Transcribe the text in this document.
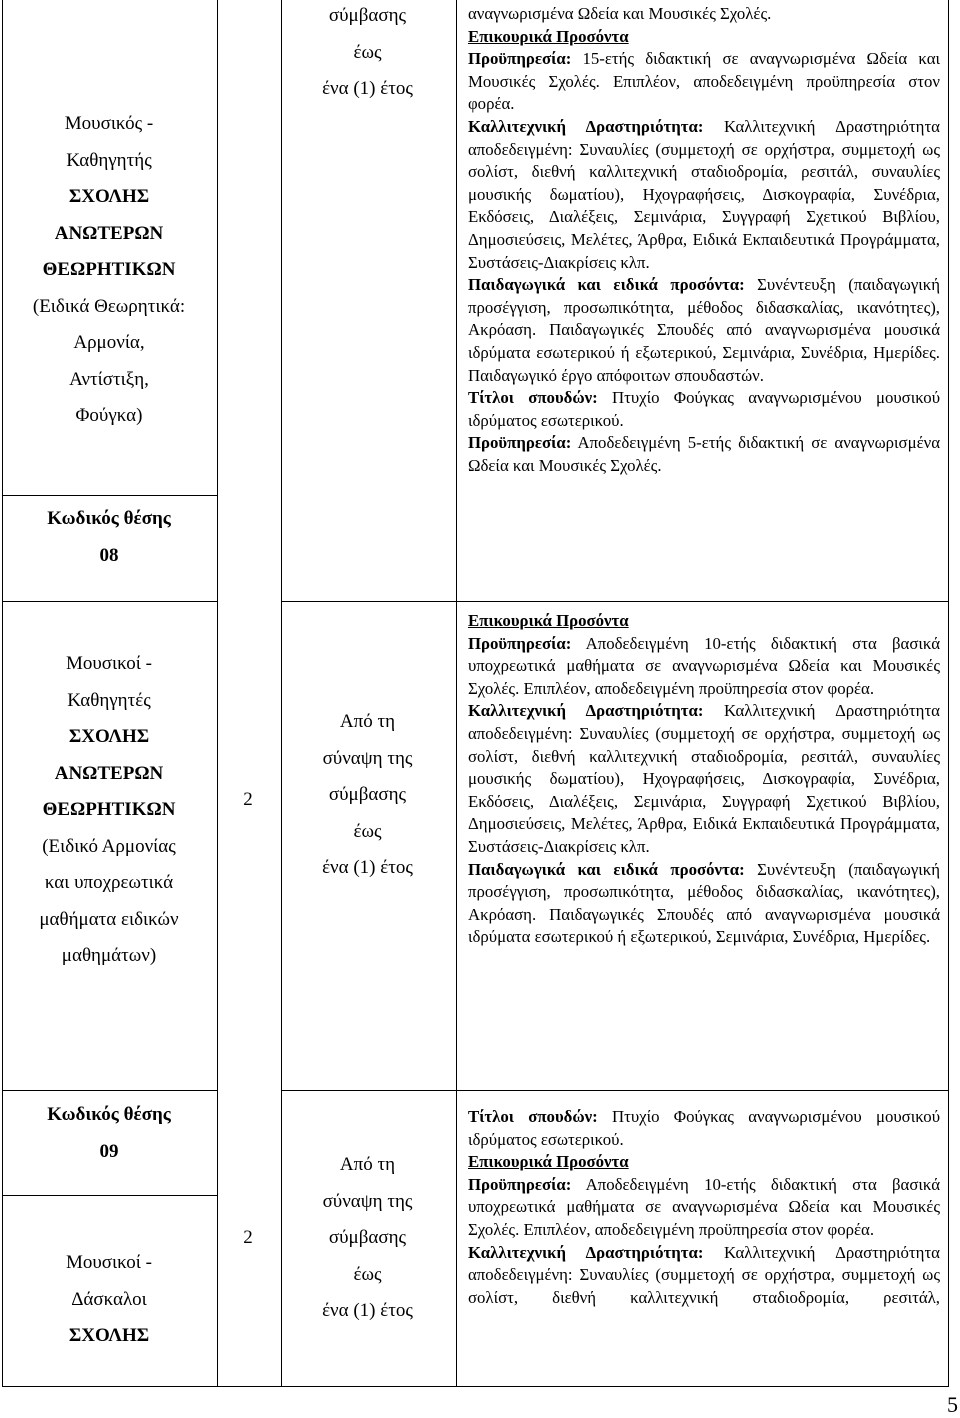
Μουσικός -
Καθηγητής
ΣΧΟΛΗΣ
ΑΝΩΤΕΡΩΝ
ΘΕΩΡΗΤΙΚΩΝ
(Ειδικά Θεωρητικά:
Αρμονία,
Αντίστιξη,
Φούγκα)
σύμβασης
έως
ένα (1) έτος
Κωδικός θέσης
08
Μουσικοί -
Καθηγητές
ΣΧΟΛΗΣ
ΑΝΩΤΕΡΩΝ
ΘΕΩΡΗΤΙΚΩΝ
(Ειδικό Αρμονίας
και υποχρεωτικά
μαθήματα ειδικών
μαθημάτων)
2
Από τη
σύναψη της
σύμβασης
έως
ένα (1) έτος
Κωδικός θέσης
09
Μουσικοί -
Δάσκαλοι
ΣΧΟΛΗΣ
2
Από τη
σύναψη της
σύμβασης
έως
ένα (1) έτος

αναγνωρισμένα Ωδεία και Μουσικές Σχολές.

Επικουρικά Προσόντα

Προϋπηρεσία: 15-ετής διδακτική σε αναγνωρισμένα Ωδεία και Μουσικές Σχολές. Επιπλέον, αποδεδειγμένη προϋπηρεσία στον φορέα.

Καλλιτεχνική Δραστηριότητα: Καλλιτεχνική Δραστηριότητα αποδεδειγμένη: Συναυλίες (συμμετοχή σε ορχήστρα, συμμετοχή ως σολίστ, διεθνή καλλιτεχνική σταδιοδρομία, ρεσιτάλ, συναυλίες μουσικής δωματίου), Ηχογραφήσεις, Δισκογραφία, Συνέδρια, Εκδόσεις, Διαλέξεις, Σεμινάρια, Συγγραφή Σχετικού Βιβλίου, Δημοσιεύσεις, Μελέτες, Άρθρα, Ειδικά Εκπαιδευτικά Προγράμματα, Συστάσεις-Διακρίσεις κλπ.

Παιδαγωγικά και ειδικά προσόντα: Συνέντευξη (παιδαγωγική προσέγγιση, προσωπικότητα, μέθοδος διδασκαλίας, ικανότητες), Ακρόαση. Παιδαγωγικές Σπουδές από αναγνωρισμένα μουσικά ιδρύματα εσωτερικού ή εξωτερικού, Σεμινάρια, Συνέδρια, Ημερίδες. Παιδαγωγικό έργο απόφοιτων σπουδαστών.

Τίτλοι σπουδών: Πτυχίο Φούγκας αναγνωρισμένου μουσικού ιδρύματος εσωτερικού.

Προϋπηρεσία: Αποδεδειγμένη 5-ετής διδακτική σε αναγνωρισμένα Ωδεία και Μουσικές Σχολές.

Επικουρικά Προσόντα

Προϋπηρεσία: Αποδεδειγμένη 10-ετής διδακτική στα βασικά υποχρεωτικά μαθήματα σε αναγνωρισμένα Ωδεία και Μουσικές Σχολές. Επιπλέον, αποδεδειγμένη προϋπηρεσία στον φορέα.

Καλλιτεχνική Δραστηριότητα: Καλλιτεχνική Δραστηριότητα αποδεδειγμένη: Συναυλίες (συμμετοχή σε ορχήστρα, συμμετοχή ως σολίστ, διεθνή καλλιτεχνική σταδιοδρομία, ρεσιτάλ, συναυλίες μουσικής δωματίου), Ηχογραφήσεις, Δισκογραφία, Συνέδρια, Εκδόσεις, Διαλέξεις, Σεμινάρια, Συγγραφή Σχετικού Βιβλίου, Δημοσιεύσεις, Μελέτες, Άρθρα, Ειδικά Εκπαιδευτικά Προγράμματα, Συστάσεις-Διακρίσεις κλπ.

Παιδαγωγικά και ειδικά προσόντα: Συνέντευξη (παιδαγωγική προσέγγιση, προσωπικότητα, μέθοδος διδασκαλίας, ικανότητες), Ακρόαση. Παιδαγωγικές Σπουδές από αναγνωρισμένα μουσικά ιδρύματα εσωτερικού ή εξωτερικού, Σεμινάρια, Συνέδρια, Ημερίδες.

Τίτλοι σπουδών: Πτυχίο Φούγκας αναγνωρισμένου μουσικού ιδρύματος εσωτερικού.

Επικουρικά Προσόντα

Προϋπηρεσία: Αποδεδειγμένη 10-ετής διδακτική στα βασικά υποχρεωτικά μαθήματα σε αναγνωρισμένα Ωδεία και Μουσικές Σχολές. Επιπλέον, αποδεδειγμένη προϋπηρεσία στον φορέα.

Καλλιτεχνική Δραστηριότητα: Καλλιτεχνική Δραστηριότητα αποδεδειγμένη: Συναυλίες (συμμετοχή σε ορχήστρα, συμμετοχή ως σολίστ, διεθνή καλλιτεχνική σταδιοδρομία, ρεσιτάλ,

5
